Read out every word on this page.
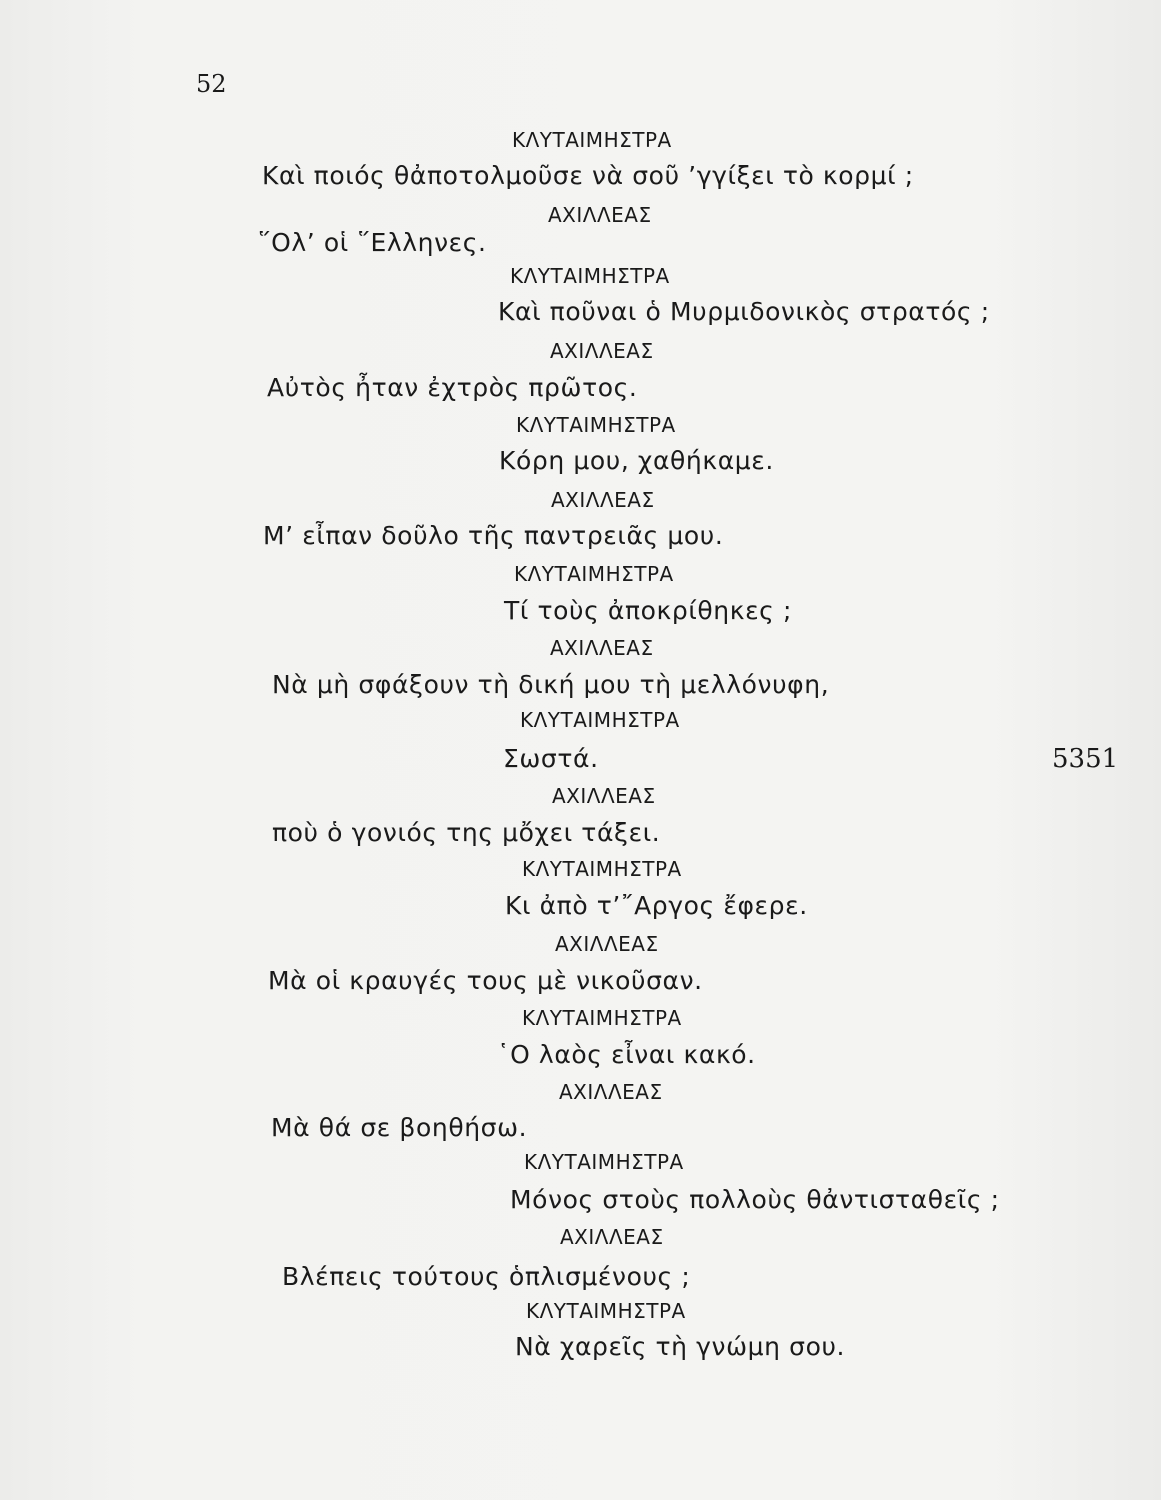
52
5351
ΚΛΥΤΑΙΜΗΣΤΡΑ
Καὶ ποιός θἀποτολμοῦσε νὰ σοῦ ’γγίξει τὸ κορμί ;
ΑΧΙΛΛΕΑΣ
῞Ολ’ οἱ ῞Ελληνες.
ΚΛΥΤΑΙΜΗΣΤΡΑ
Καὶ ποῦναι ὁ Μυρμιδονικὸς στρατός ;
ΑΧΙΛΛΕΑΣ
Αὐτὸς ἦταν ἐχτρὸς πρῶτος.
ΚΛΥΤΑΙΜΗΣΤΡΑ
Κόρη μου, χαθήκαμε.
ΑΧΙΛΛΕΑΣ
Μ’ εἶπαν δοῦλο τῆς παντρειᾶς μου.
ΚΛΥΤΑΙΜΗΣΤΡΑ
Τί τοὺς ἀποκρίθηκες ;
ΑΧΙΛΛΕΑΣ
Νὰ μὴ σφάξουν τὴ δική μου τὴ μελλόνυφη,
ΚΛΥΤΑΙΜΗΣΤΡΑ
Σωστά.
ΑΧΙΛΛΕΑΣ
ποὺ ὁ γονιός της μὄχει τάξει.
ΚΛΥΤΑΙΜΗΣΤΡΑ
Κι ἀπὸ τ’῎Αργος ἔφερε.
ΑΧΙΛΛΕΑΣ
Μὰ οἱ κραυγές τους μὲ νικοῦσαν.
ΚΛΥΤΑΙΜΗΣΤΡΑ
῾Ο λαὸς εἶναι κακό.
ΑΧΙΛΛΕΑΣ
Μὰ θά σε βοηθήσω.
ΚΛΥΤΑΙΜΗΣΤΡΑ
Μόνος στοὺς πολλοὺς θἀντισταθεῖς ;
ΑΧΙΛΛΕΑΣ
Βλέπεις τούτους ὁπλισμένους ;
ΚΛΥΤΑΙΜΗΣΤΡΑ
Νὰ χαρεῖς τὴ γνώμη σου.
